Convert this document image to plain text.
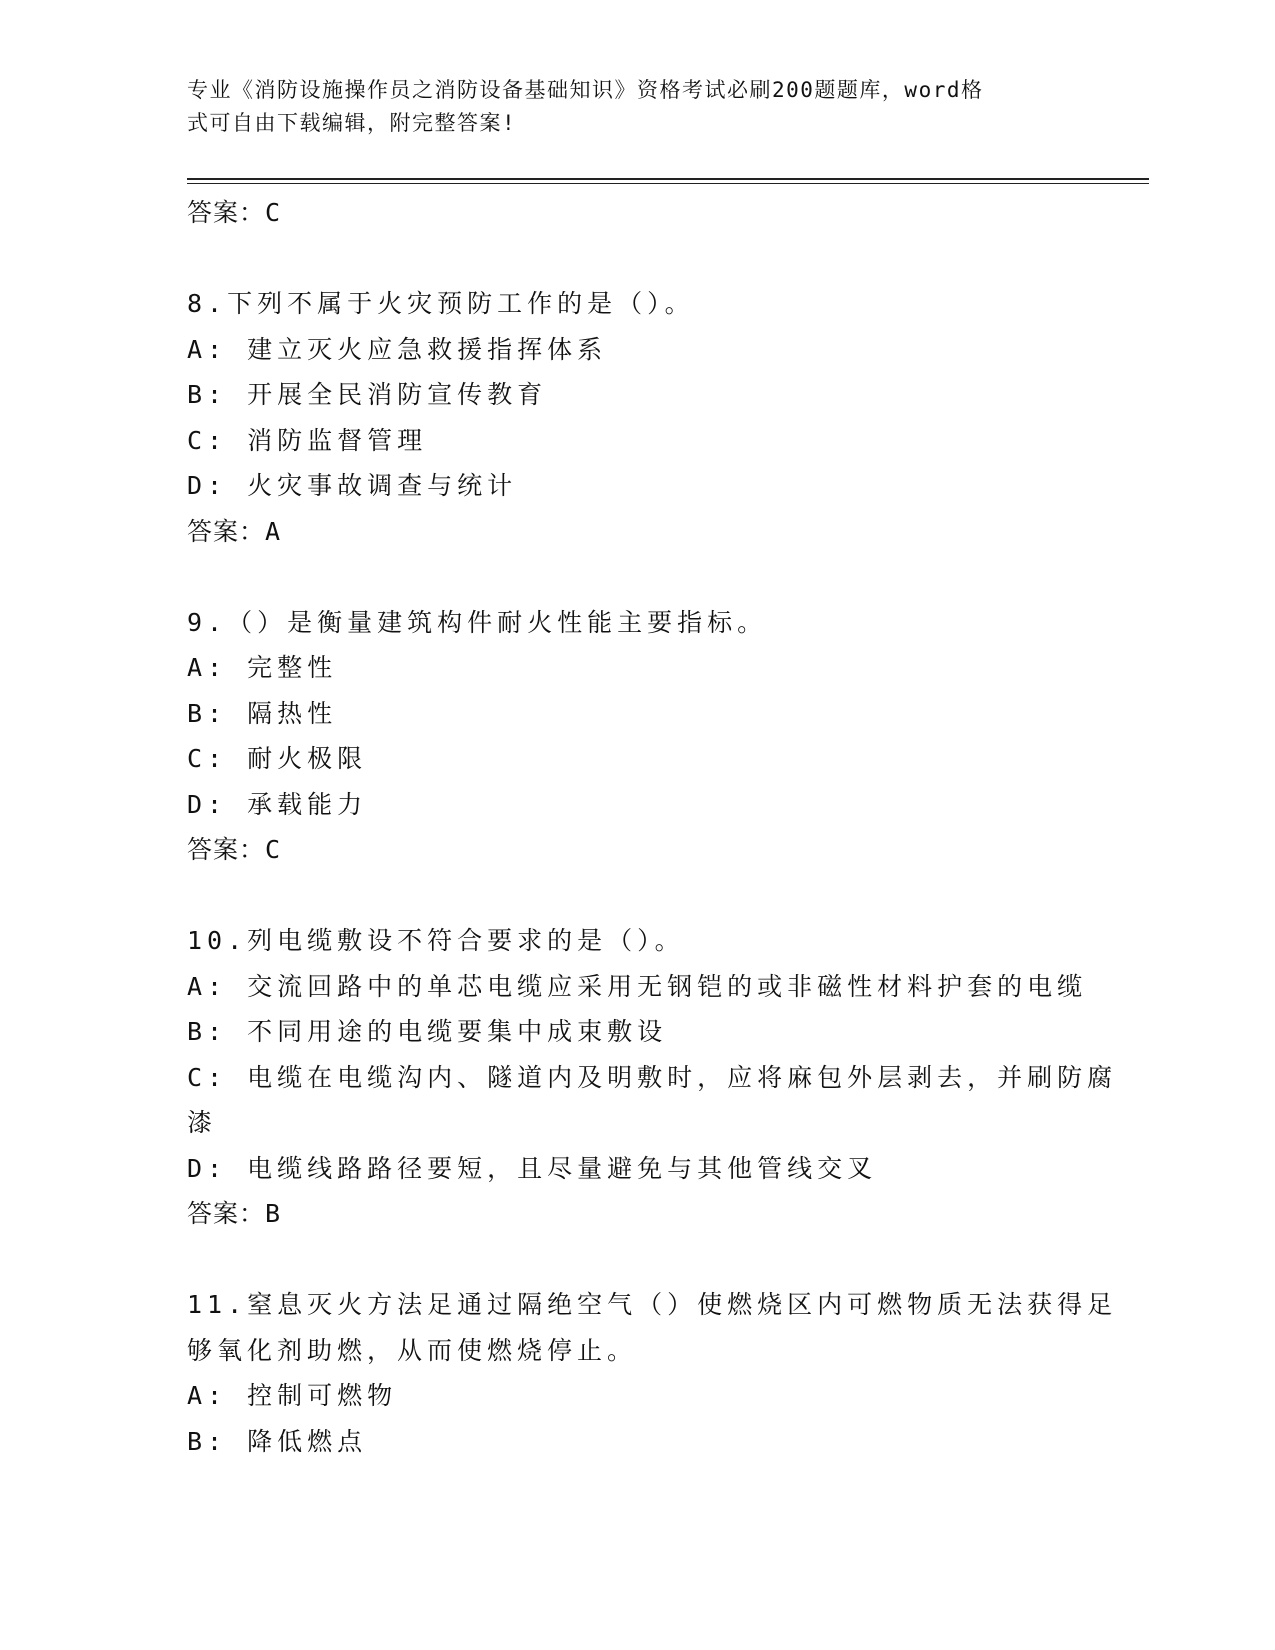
专业《消防设施操作员之消防设备基础知识》资格考试必刷200题题库，word格
式可自由下载编辑，附完整答案!
答案：C
8.下列不属于火灾预防工作的是（）。
A: 建立灭火应急救援指挥体系
B: 开展全民消防宣传教育
C: 消防监督管理
D: 火灾事故调查与统计
答案：A
9.（）是衡量建筑构件耐火性能主要指标。
A: 完整性
B: 隔热性
C: 耐火极限
D: 承载能力
答案：C
10.列电缆敷设不符合要求的是（）。
A: 交流回路中的单芯电缆应采用无钢铠的或非磁性材料护套的电缆
B: 不同用途的电缆要集中成束敷设
C: 电缆在电缆沟内、隧道内及明敷时，应将麻包外层剥去，并刷防腐
漆
D: 电缆线路路径要短，且尽量避免与其他管线交叉
答案：B
11.窒息灭火方法足通过隔绝空气（）使燃烧区内可燃物质无法获得足
够氧化剂助燃，从而使燃烧停止。
A: 控制可燃物
B: 降低燃点
